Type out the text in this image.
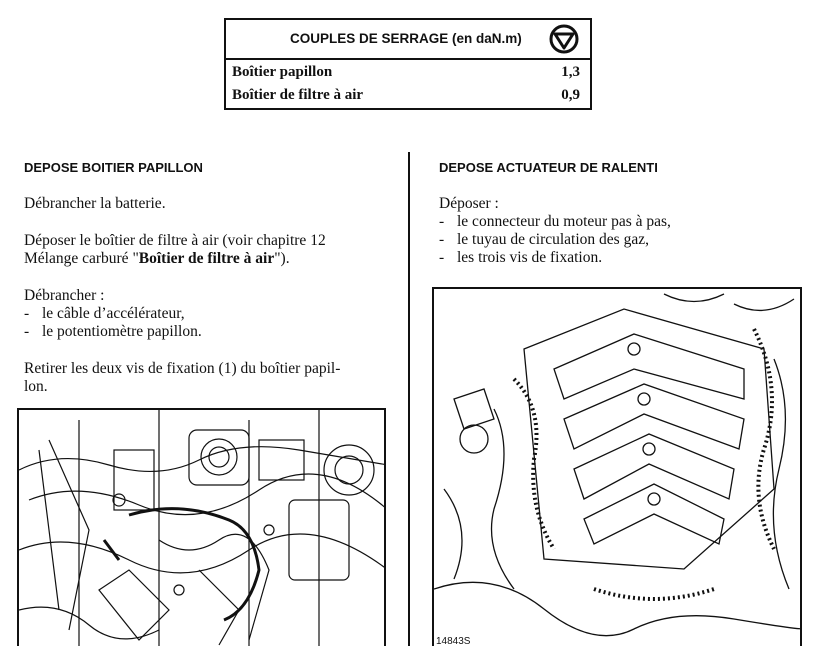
COUPLES DE SERRAGE (en daN.m)
Boîtier papillon	1,3
Boîtier de filtre à air	0,9
DEPOSE BOITIER PAPILLON
Débrancher la batterie.
Déposer le boîtier de filtre à air (voir chapitre 12
Mélange carburé "Boîtier de filtre à air").
Débrancher :
- le câble d’accélérateur,
- le potentiomètre papillon.
Retirer les deux vis de fixation (1) du boîtier papil-
lon.
DEPOSE ACTUATEUR DE RALENTI
Déposer :
- le connecteur du moteur pas à pas,
- le tuyau de circulation des gaz,
- les trois vis de fixation.
14843S
